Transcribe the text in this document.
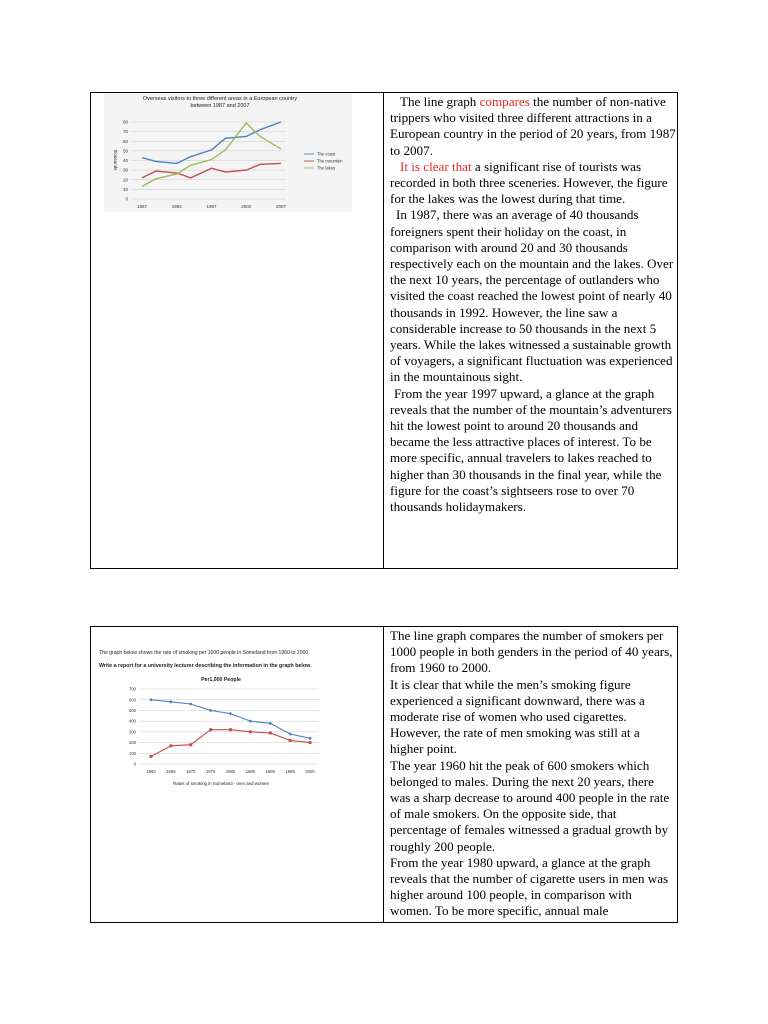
Overseas visitors to three different areas in a European country
between 1987 and 2007
thousands
0
10
20
30
40
50
60
70
80
1987	1992	1997	2002	2007
The coast
The mountain
The lakes

The line graph compares the number of non-native trippers who visited three different attractions in a European country in the period of 20 years, from 1987 to 2007.

It is clear that a significant rise of tourists was recorded in both three sceneries. However, the figure for the lakes was the lowest during that time.

In 1987, there was an average of 40 thousands foreigners spent their holiday on the coast, in comparison with around 20 and 30 thousands respectively each on the mountain and the lakes. Over the next 10 years, the percentage of outlanders who visited the coast reached the lowest point of nearly 40 thousands in 1992. However, the line saw a considerable increase to 50 thousands in the next 5 years. While the lakes witnessed a sustainable growth of voyagers, a significant fluctuation was experienced in the mountainous sight.

From the year 1997 upward, a glance at the graph reveals that the number of the mountain’s adventurers hit the lowest point to around 20 thousands and became the less attractive places of interest. To be more specific, annual travelers to lakes reached to higher than 30 thousands in the final year, while the figure for the coast’s sightseers rose to over 70 thousands holidaymakers.

The graph below shows the rate of smoking per 1000 people in Someland from 1960 to 2000.
Write a report for a university lecturer describing the information in the graph below.
Per1,000 People
0
100
200
300
400
500
600
700
1960	1965	1970	1975	1980	1985	1990	1995	2000
Rates of smoking in Someland - men and women

The line graph compares the number of smokers per 1000 people in both genders in the period of 40 years, from 1960 to 2000.

It is clear that while the men’s smoking figure experienced a significant downward, there was a moderate rise of women who used cigarettes. However, the rate of men smoking was still at a higher point.

The year 1960 hit the peak of 600 smokers which belonged to males. During the next 20 years, there was a sharp decrease to around 400 people in the rate of male smokers. On the opposite side, that percentage of females witnessed a gradual growth by roughly 200 people.

From the year 1980 upward, a glance at the graph reveals that the number of cigarette users in men was higher around 100 people, in comparison with women. To be more specific, annual male
